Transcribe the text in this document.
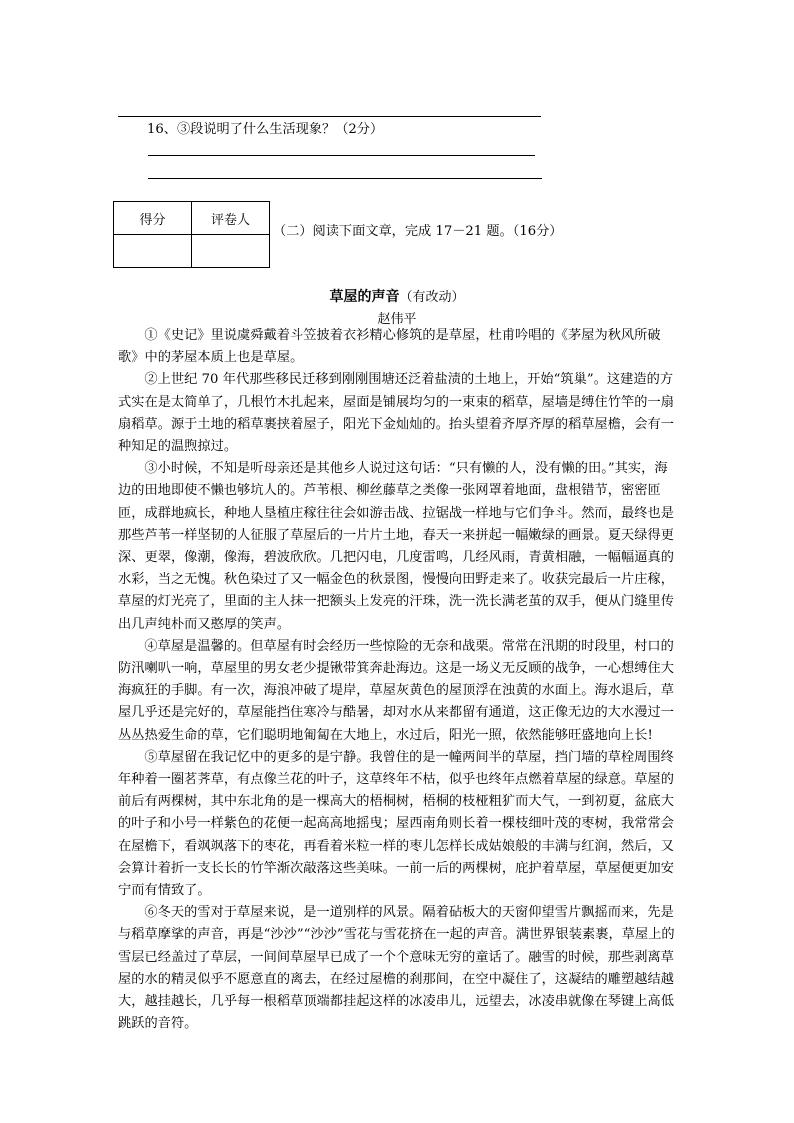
16、③段说明了什么生活现象？（2分）
得分	评卷人

（二）阅读下面文章，完成 17－21 题。（16分）
草屋的声音（有改动）
赵伟平

①《史记》里说虞舜戴着斗笠披着衣衫精心修筑的是草屋，杜甫吟唱的《茅屋为秋风所破歌》中的茅屋本质上也是草屋。

②上世纪 70 年代那些移民迁移到刚刚围塘还泛着盐渍的土地上，开始“筑巢”。这建造的方式实在是太简单了，几根竹木扎起来，屋面是铺展均匀的一束束的稻草，屋墙是缚住竹竿的一扇扇稻草。源于土地的稻草裹挟着屋子，阳光下金灿灿的。抬头望着齐厚齐厚的稻草屋檐，会有一种知足的温煦掠过。

③小时候，不知是听母亲还是其他乡人说过这句话：“只有懒的人，没有懒的田。”其实，海边的田地即使不懒也够坑人的。芦苇根、柳丝藤草之类像一张网罩着地面，盘根错节，密密匝匝，成群地疯长，种地人垦植庄稼往往会如游击战、拉锯战一样地与它们争斗。然而，最终也是那些芦苇一样坚韧的人征服了草屋后的一片片土地，春天一来拼起一幅嫩绿的画景。夏天绿得更深、更翠，像潮，像海，碧波欣欣。几把闪电，几度雷鸣，几经风雨，青黄相融，一幅幅逼真的水彩，当之无愧。秋色染过了又一幅金色的秋景图，慢慢向田野走来了。收获完最后一片庄稼，草屋的灯光亮了，里面的主人抹一把额头上发亮的汗珠，洗一洗长满老茧的双手，便从门缝里传出几声纯朴而又憨厚的笑声。

④草屋是温馨的。但草屋有时会经历一些惊险的无奈和战栗。常常在汛期的时段里，村口的防汛喇叭一响，草屋里的男女老少提锹带箕奔赴海边。这是一场义无反顾的战争，一心想缚住大海疯狂的手脚。有一次，海浪冲破了堤岸，草屋灰黄色的屋顶浮在浊黄的水面上。海水退后，草屋几乎还是完好的，草屋能挡住寒冷与酷暑，却对水从来都留有通道，这正像无边的大水漫过一丛丛热爱生命的草，它们聪明地匍匐在大地上，水过后，阳光一照，依然能够旺盛地向上长!

⑤草屋留在我记忆中的更多的是宁静。我曾住的是一幢两间半的草屋，挡门墙的草栓周围终年种着一圈茗荠草，有点像兰花的叶子，这草终年不枯，似乎也终年点燃着草屋的绿意。草屋的前后有两棵树，其中东北角的是一棵高大的梧桐树，梧桐的枝桠粗犷而大气，一到初夏，盆底大的叶子和小号一样紫色的花便一起高高地摇曳；屋西南角则长着一棵枝细叶茂的枣树，我常常会在屋檐下，看飒飒落下的枣花，再看着米粒一样的枣儿怎样长成姑娘般的丰满与红润，然后，又会算计着折一支长长的竹竿渐次敲落这些美味。一前一后的两棵树，庇护着草屋，草屋便更加安宁而有情致了。

⑥冬天的雪对于草屋来说，是一道别样的风景。隔着砧板大的天窗仰望雪片飘摇而来，先是与稻草摩挲的声音，再是“沙沙”“沙沙”雪花与雪花挤在一起的声音。满世界银装素裹，草屋上的雪层已经盖过了草层，一间间草屋早已成了一个个意味无穷的童话了。融雪的时候，那些剥离草屋的水的精灵似乎不愿意直的离去，在经过屋檐的刹那间，在空中凝住了，这凝结的雕塑越结越大，越挂越长，几乎每一根稻草顶端都挂起这样的冰凌串儿，远望去，冰凌串就像在琴键上高低跳跃的音符。
